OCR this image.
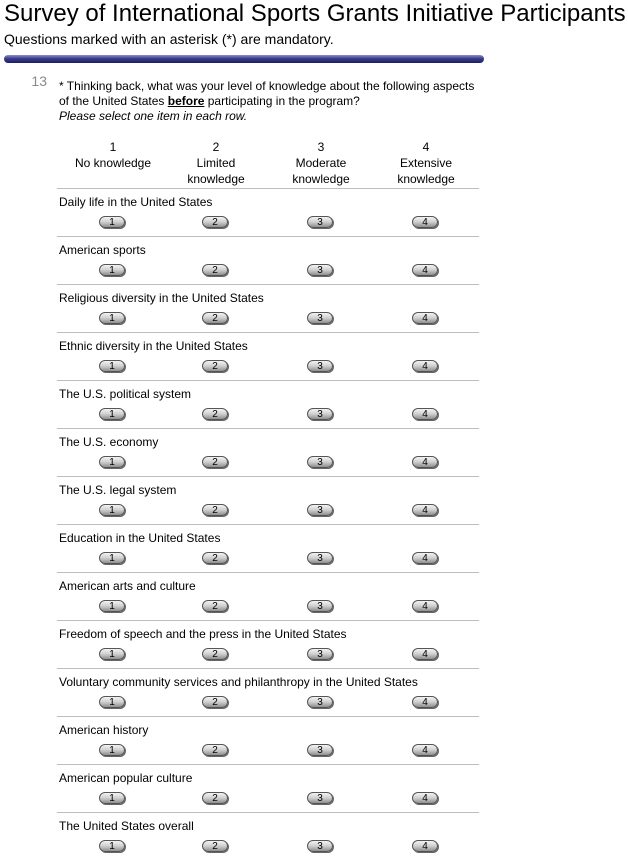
Survey of International Sports Grants Initiative Participants
Questions marked with an asterisk (*) are mandatory.
13 * Thinking back, what was your level of knowledge about the following aspects of the United States before participating in the program?
Please select one item in each row.
1
No knowledge
2
Limited
knowledge
3
Moderate
knowledge
4
Extensive
knowledge
Daily life in the United States
1	2	3	4
American sports
1	2	3	4
Religious diversity in the United States
1	2	3	4
Ethnic diversity in the United States
1	2	3	4
The U.S. political system
1	2	3	4
The U.S. economy
1	2	3	4
The U.S. legal system
1	2	3	4
Education in the United States
1	2	3	4
American arts and culture
1	2	3	4
Freedom of speech and the press in the United States
1	2	3	4
Voluntary community services and philanthropy in the United States
1	2	3	4
American history
1	2	3	4
American popular culture
1	2	3	4
The United States overall
1	2	3	4
